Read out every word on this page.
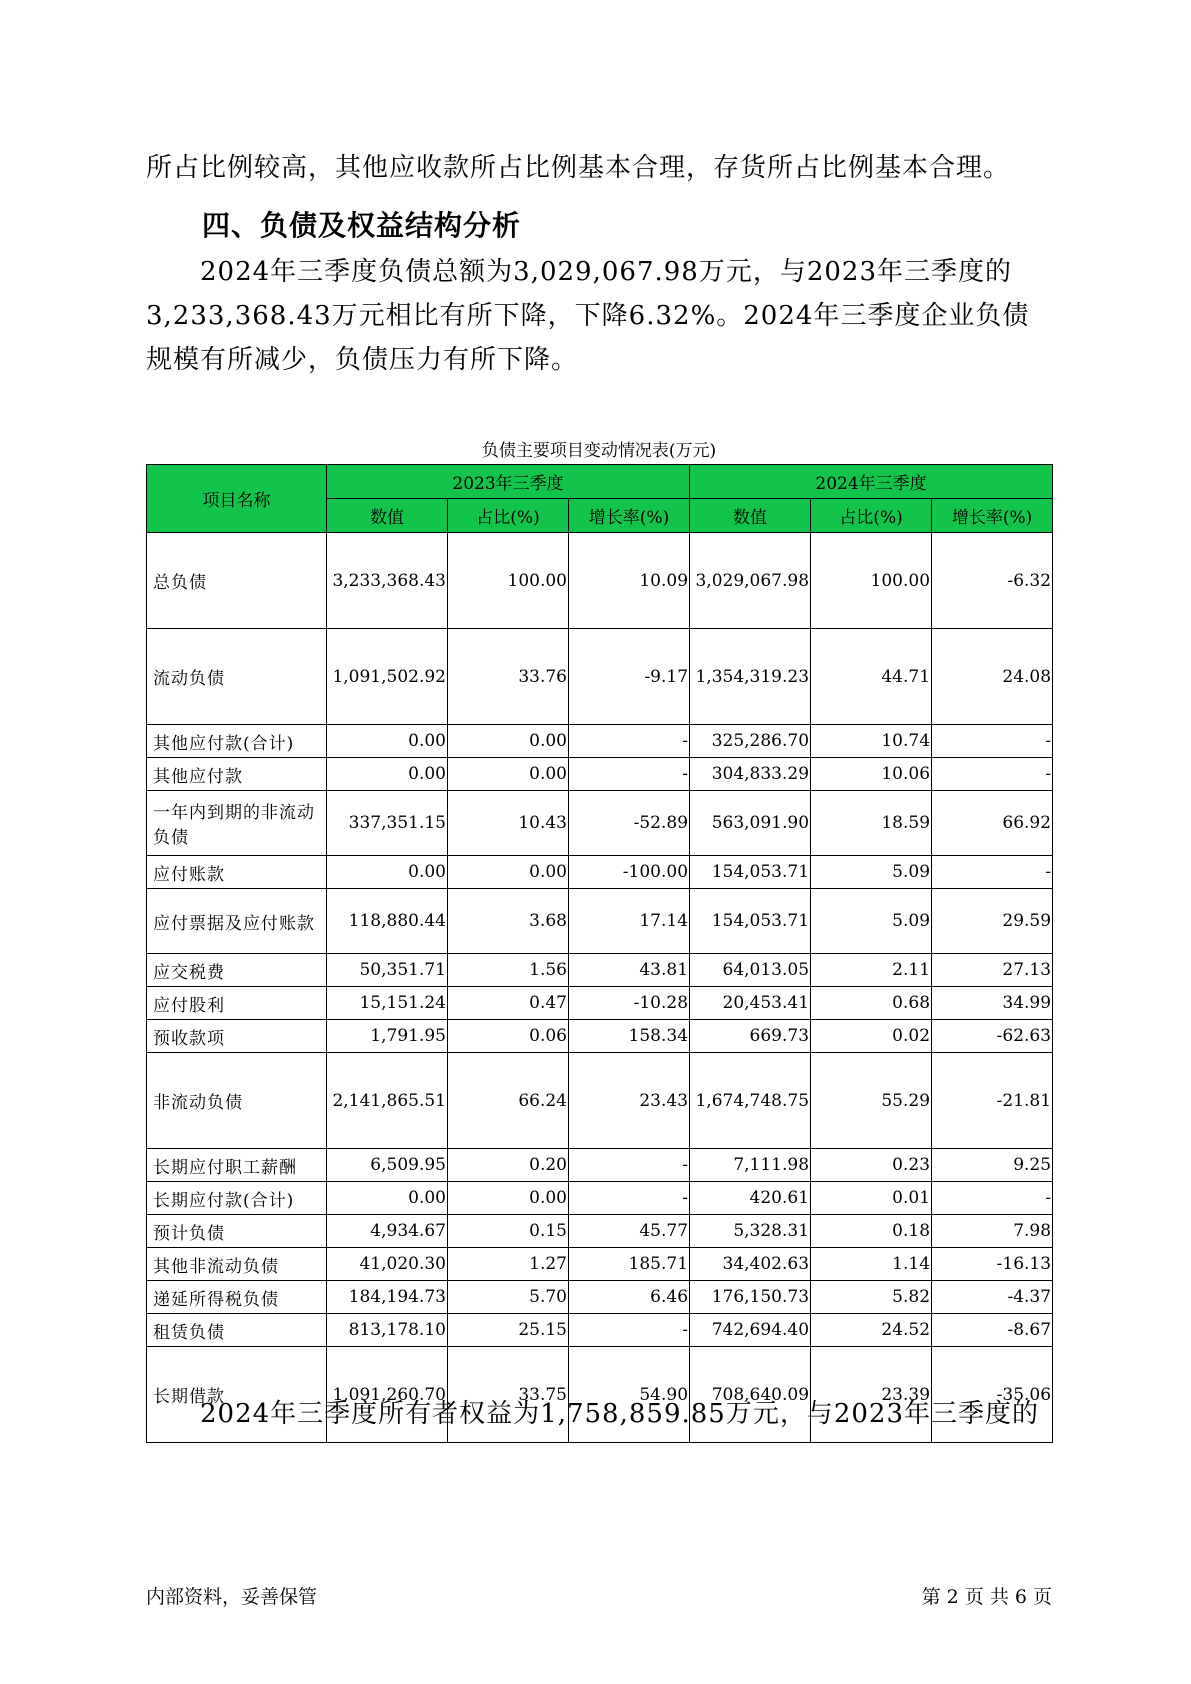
所占比例较高，其他应收款所占比例基本合理，存货所占比例基本合理。

四、负债及权益结构分析

2024年三季度负债总额为3,029,067.98万元，与2023年三季度的3,233,368.43万元相比有所下降，下降6.32%。2024年三季度企业负债规模有所减少，负债压力有所下降。

负债主要项目变动情况表(万元)
项目名称	2023年三季度			2024年三季度		
	数值	占比(%)	增长率(%)	数值	占比(%)	增长率(%)
总负债	3,233,368.43	100.00	10.09	3,029,067.98	100.00	-6.32
流动负债	1,091,502.92	33.76	-9.17	1,354,319.23	44.71	24.08
其他应付款(合计)	0.00	0.00	-	325,286.70	10.74	-
其他应付款	0.00	0.00	-	304,833.29	10.06	-
一年内到期的非流动负债	337,351.15	10.43	-52.89	563,091.90	18.59	66.92
应付账款	0.00	0.00	-100.00	154,053.71	5.09	-
应付票据及应付账款	118,880.44	3.68	17.14	154,053.71	5.09	29.59
应交税费	50,351.71	1.56	43.81	64,013.05	2.11	27.13
应付股利	15,151.24	0.47	-10.28	20,453.41	0.68	34.99
预收款项	1,791.95	0.06	158.34	669.73	0.02	-62.63
非流动负债	2,141,865.51	66.24	23.43	1,674,748.75	55.29	-21.81
长期应付职工薪酬	6,509.95	0.20	-	7,111.98	0.23	9.25
长期应付款(合计)	0.00	0.00	-	420.61	0.01	-
预计负债	4,934.67	0.15	45.77	5,328.31	0.18	7.98
其他非流动负债	41,020.30	1.27	185.71	34,402.63	1.14	-16.13
递延所得税负债	184,194.73	5.70	6.46	176,150.73	5.82	-4.37
租赁负债	813,178.10	25.15	-	742,694.40	24.52	-8.67
长期借款	1,091,260.70	33.75	54.90	708,640.09	23.39	-35.06

2024年三季度所有者权益为1,758,859.85万元，与2023年三季度的

内部资料，妥善保管	第 2 页 共 6 页
